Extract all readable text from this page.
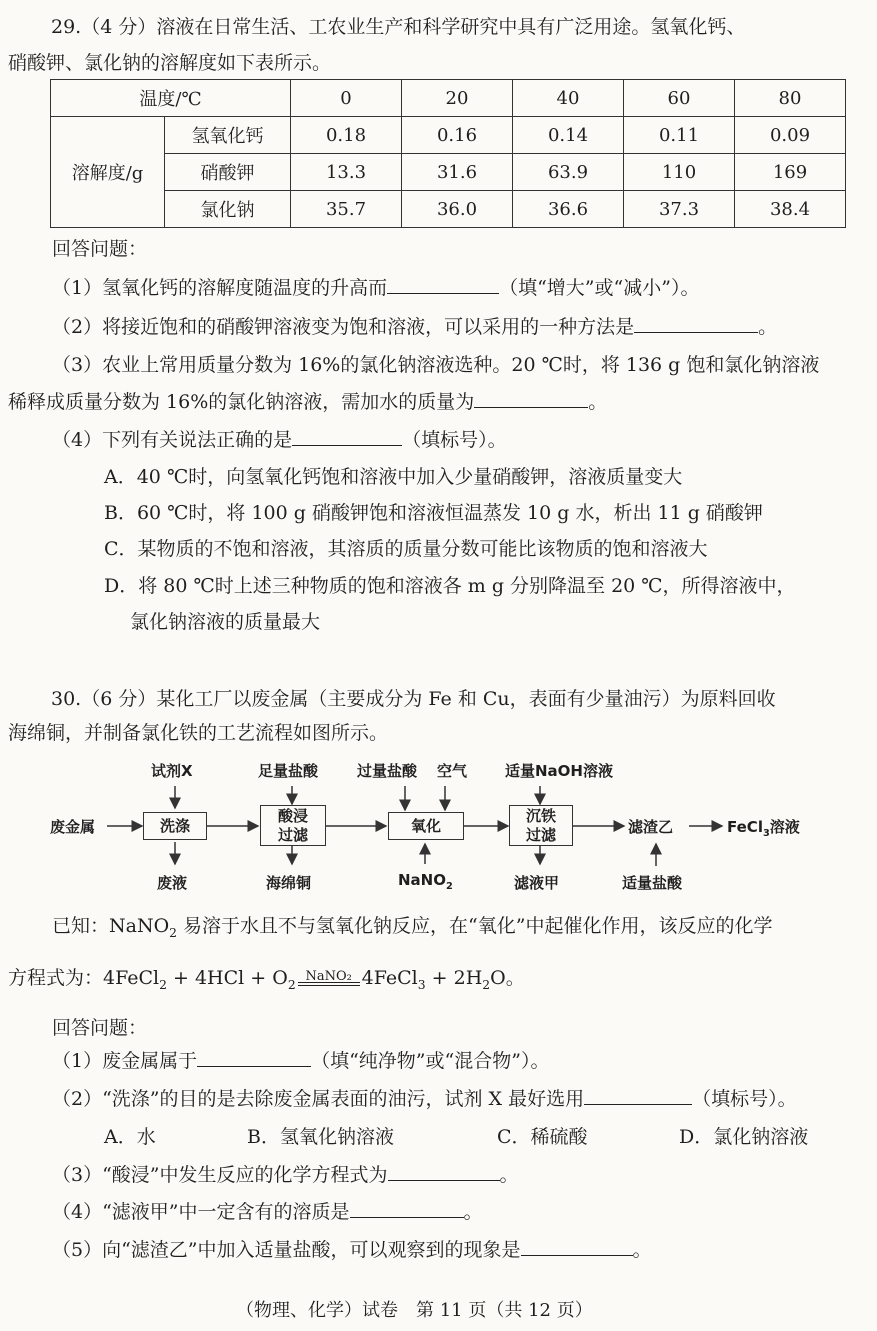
29.（4 分）溶液在日常生活、工农业生产和科学研究中具有广泛用途。氢氧化钙、
硝酸钾、氯化钠的溶解度如下表所示。
温度/℃		0	20	40	60	80
溶解度/g	氢氧化钙	0.18	0.16	0.14	0.11	0.09
	硝酸钾	13.3	31.6	63.9	110	169
	氯化钠	35.7	36.0	36.6	37.3	38.4
回答问题：
（1）氢氧化钙的溶解度随温度的升高而	（填“增大”或“减小”）。
（2）将接近饱和的硝酸钾溶液变为饱和溶液，可以采用的一种方法是	。
（3）农业上常用质量分数为 16%的氯化钠溶液选种。20 ℃时，将 136 g 饱和氯化钠溶液
稀释成质量分数为 16%的氯化钠溶液，需加水的质量为	。
（4）下列有关说法正确的是	（填标号）。
A．40 ℃时，向氢氧化钙饱和溶液中加入少量硝酸钾，溶液质量变大
B．60 ℃时，将 100 g 硝酸钾饱和溶液恒温蒸发 10 g 水，析出 11 g 硝酸钾
C．某物质的不饱和溶液，其溶质的质量分数可能比该物质的饱和溶液大
D．将 80 ℃时上述三种物质的饱和溶液各 m g 分别降温至 20 ℃，所得溶液中，
氯化钠溶液的质量最大
30.（6 分）某化工厂以废金属（主要成分为 Fe 和 Cu，表面有少量油污）为原料回收
海绵铜，并制备氯化铁的工艺流程如图所示。
废金属
试剂X
洗涤
废液
足量盐酸
酸浸
过滤
海绵铜
过量盐酸 空气
氧化
NaNO$_2$
适量NaOH溶液
沉铁
过滤
滤液甲
滤渣乙
适量盐酸
FeCl$_3$溶液
已知：NaNO$_2$ 易溶于水且不与氢氧化钠反应，在“氧化”中起催化作用，该反应的化学
方程式为：4FeCl$_2$ + $4HCl + O_2$
NaNO₂ 4FeCl$_3$ + $2H_2O$。
回答问题：
（1）废金属属于	（填“纯净物”或“混合物”）。
（2）“洗涤”的目的是去除废金属表面的油污，试剂 X 最好选用	（填标号）。
A．水	B．氢氧化钠溶液	C．稀硫酸	D．氯化钠溶液
（3）“酸浸”中发生反应的化学方程式为	。
（4）“滤液甲”中一定含有的溶质是	。
（5）向“滤渣乙”中加入适量盐酸，可以观察到的现象是	。
（物理、化学）试卷　第 11 页（共 12 页）
